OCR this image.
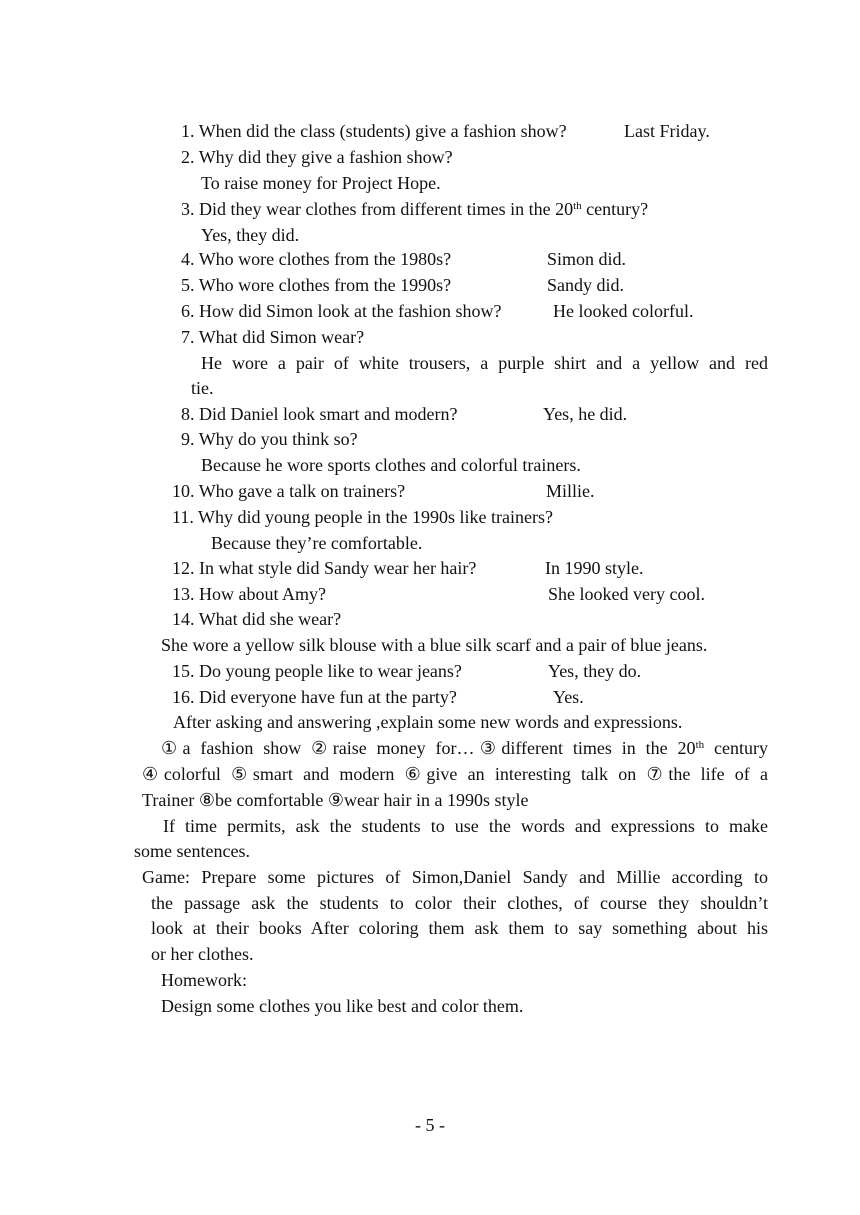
1. When did the class (students) give a fashion show?	Last Friday.
2. Why did they give a fashion show?
To raise money for Project Hope.
3. Did they wear clothes from different times in the 20th century?
Yes, they did.
4. Who wore clothes from the 1980s?	Simon did.
5. Who wore clothes from the 1990s?	Sandy did.
6. How did Simon look at the fashion show?	He looked colorful.
7. What did Simon wear?
He wore a pair of white trousers, a purple shirt and a yellow and red
tie.
8. Did Daniel look smart and modern?	Yes, he did.
9. Why do you think so?
Because he wore sports clothes and colorful trainers.
10. Who gave a talk on trainers?	Millie.
11. Why did young people in the 1990s like trainers?
Because they’re comfortable.
12. In what style did Sandy wear her hair?	In 1990 style.
13. How about Amy?	She looked very cool.
14. What did she wear?
She wore a yellow silk blouse with a blue silk scarf and a pair of blue jeans.
15. Do young people like to wear jeans?	Yes, they do.
16. Did everyone have fun at the party?	Yes.
After asking and answering ,explain some new words and expressions.
①a fashion show ②raise money for…③different times in the 20th century
④colorful ⑤smart and modern ⑥give an interesting talk on ⑦the life of a
Trainer ⑧be comfortable ⑨wear hair in a 1990s style
If time permits, ask the students to use the words and expressions to make
some sentences.
Game: Prepare some pictures of Simon,Daniel Sandy and Millie according to
the passage ask the students to color their clothes, of course they shouldn’t
look at their books After coloring them ask them to say something about his
or her clothes.
Homework:
Design some clothes you like best and color them.
- 5 -
